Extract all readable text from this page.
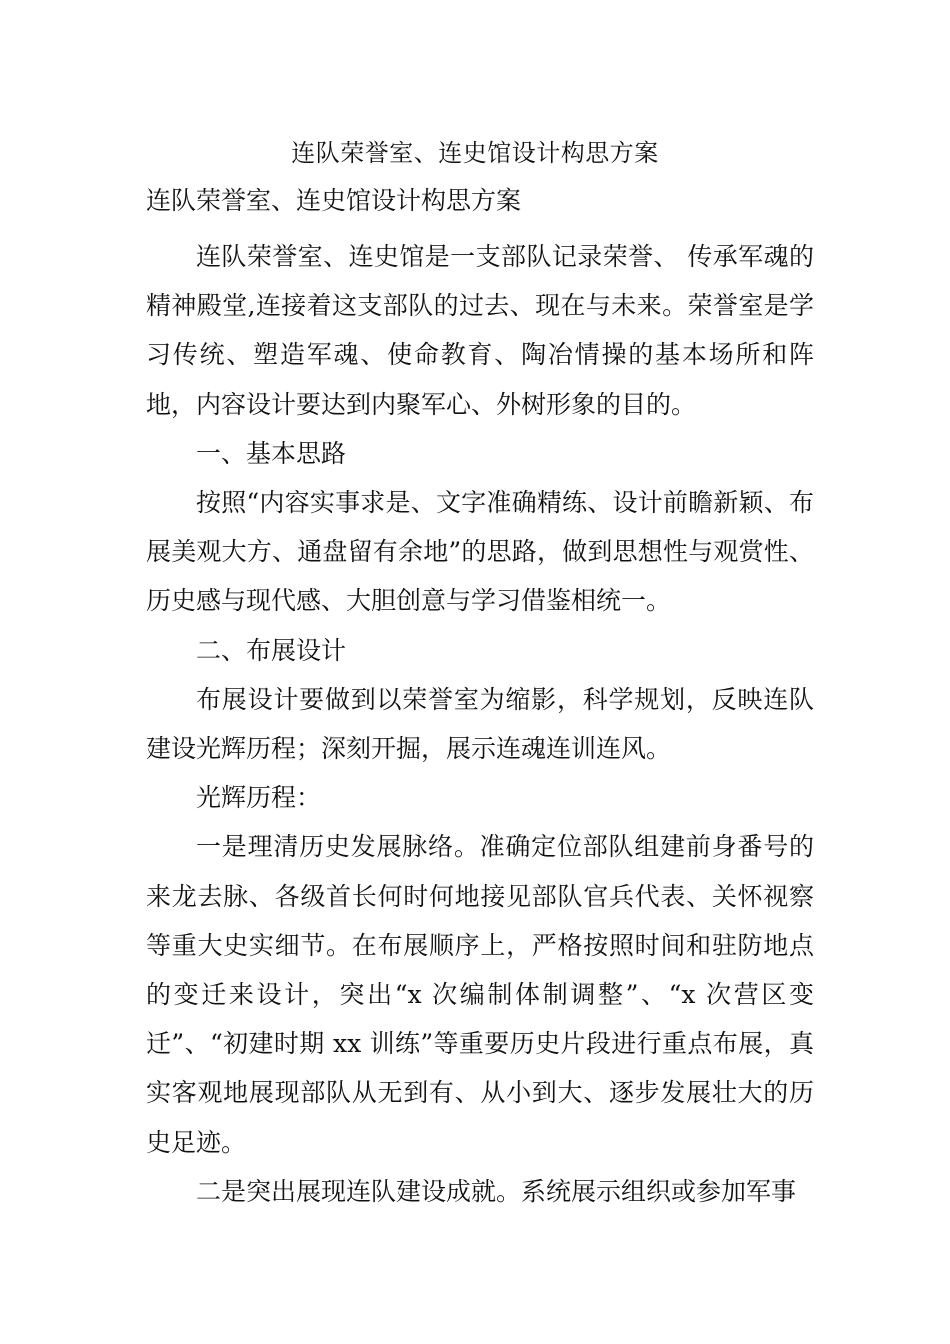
连队荣誉室、连史馆设计构思方案
连队荣誉室、连史馆设计构思方案

连队荣誉室、连史馆是一支部队记录荣誉、 传承军魂的精神殿堂,连接着这支部队的过去、现在与未来。荣誉室是学习传统、塑造军魂、使命教育、陶冶情操的基本场所和阵地，内容设计要达到内聚军心、外树形象的目的。

一、基本思路

按照“内容实事求是、文字准确精练、设计前瞻新颖、布展美观大方、通盘留有余地”的思路，做到思想性与观赏性、历史感与现代感、大胆创意与学习借鉴相统一。

二、布展设计

布展设计要做到以荣誉室为缩影，科学规划，反映连队建设光辉历程；深刻开掘，展示连魂连训连风。

光辉历程：

一是理清历史发展脉络。准确定位部队组建前身番号的来龙去脉、各级首长何时何地接见部队官兵代表、关怀视察等重大史实细节。在布展顺序上，严格按照时间和驻防地点的变迁来设计，突出“x 次编制体制调整”、“x 次营区变迁”、“初建时期 xx 训练”等重要历史片段进行重点布展，真实客观地展现部队从无到有、从小到大、逐步发展壮大的历史足迹。

二是突出展现连队建设成就。系统展示组织或参加军事
